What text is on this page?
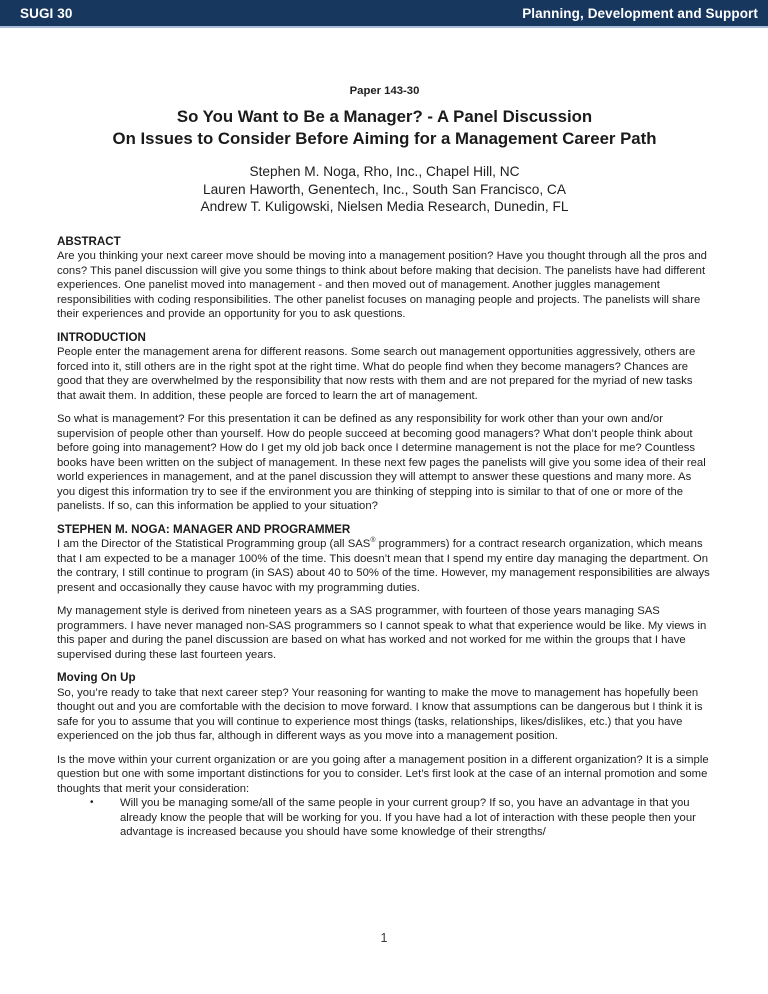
SUGI 30	Planning, Development and Support
Paper 143-30
So You Want to Be a Manager? - A Panel Discussion
On Issues to Consider Before Aiming for a Management Career Path
Stephen M. Noga, Rho, Inc., Chapel Hill, NC
Lauren Haworth, Genentech, Inc., South San Francisco, CA
Andrew T. Kuligowski, Nielsen Media Research, Dunedin, FL
ABSTRACT

Are you thinking your next career move should be moving into a management position? Have you thought through all the pros and cons? This panel discussion will give you some things to think about before making that decision. The panelists have had different experiences. One panelist moved into management - and then moved out of management. Another juggles management responsibilities with coding responsibilities. The other panelist focuses on managing people and projects. The panelists will share their experiences and provide an opportunity for you to ask questions.

INTRODUCTION

People enter the management arena for different reasons. Some search out management opportunities aggressively, others are forced into it, still others are in the right spot at the right time. What do people find when they become managers? Chances are good that they are overwhelmed by the responsibility that now rests with them and are not prepared for the myriad of new tasks that await them. In addition, these people are forced to learn the art of management.

So what is management? For this presentation it can be defined as any responsibility for work other than your own and/or supervision of people other than yourself. How do people succeed at becoming good managers? What don’t people think about before going into management? How do I get my old job back once I determine management is not the place for me? Countless books have been written on the subject of management. In these next few pages the panelists will give you some idea of their real world experiences in management, and at the panel discussion they will attempt to answer these questions and many more. As you digest this information try to see if the environment you are thinking of stepping into is similar to that of one or more of the panelists. If so, can this information be applied to your situation?

STEPHEN M. NOGA: MANAGER AND PROGRAMMER

I am the Director of the Statistical Programming group (all SAS® programmers) for a contract research organization, which means that I am expected to be a manager 100% of the time. This doesn’t mean that I spend my entire day managing the department. On the contrary, I still continue to program (in SAS) about 40 to 50% of the time. However, my management responsibilities are always present and occasionally they cause havoc with my programming duties.

My management style is derived from nineteen years as a SAS programmer, with fourteen of those years managing SAS programmers. I have never managed non-SAS programmers so I cannot speak to what that experience would be like. My views in this paper and during the panel discussion are based on what has worked and not worked for me within the groups that I have supervised during these last fourteen years.

Moving On Up

So, you’re ready to take that next career step? Your reasoning for wanting to make the move to management has hopefully been thought out and you are comfortable with the decision to move forward. I know that assumptions can be dangerous but I think it is safe for you to assume that you will continue to experience most things (tasks, relationships, likes/dislikes, etc.) that you have experienced on the job thus far, although in different ways as you move into a management position.

Is the move within your current organization or are you going after a management position in a different organization? It is a simple question but one with some important distinctions for you to consider. Let’s first look at the case of an internal promotion and some thoughts that merit your consideration:

•	Will you be managing some/all of the same people in your current group? If so, you have an advantage in that you already know the people that will be working for you. If you have had a lot of interaction with these people then your advantage is increased because you should have some knowledge of their strengths/
1
